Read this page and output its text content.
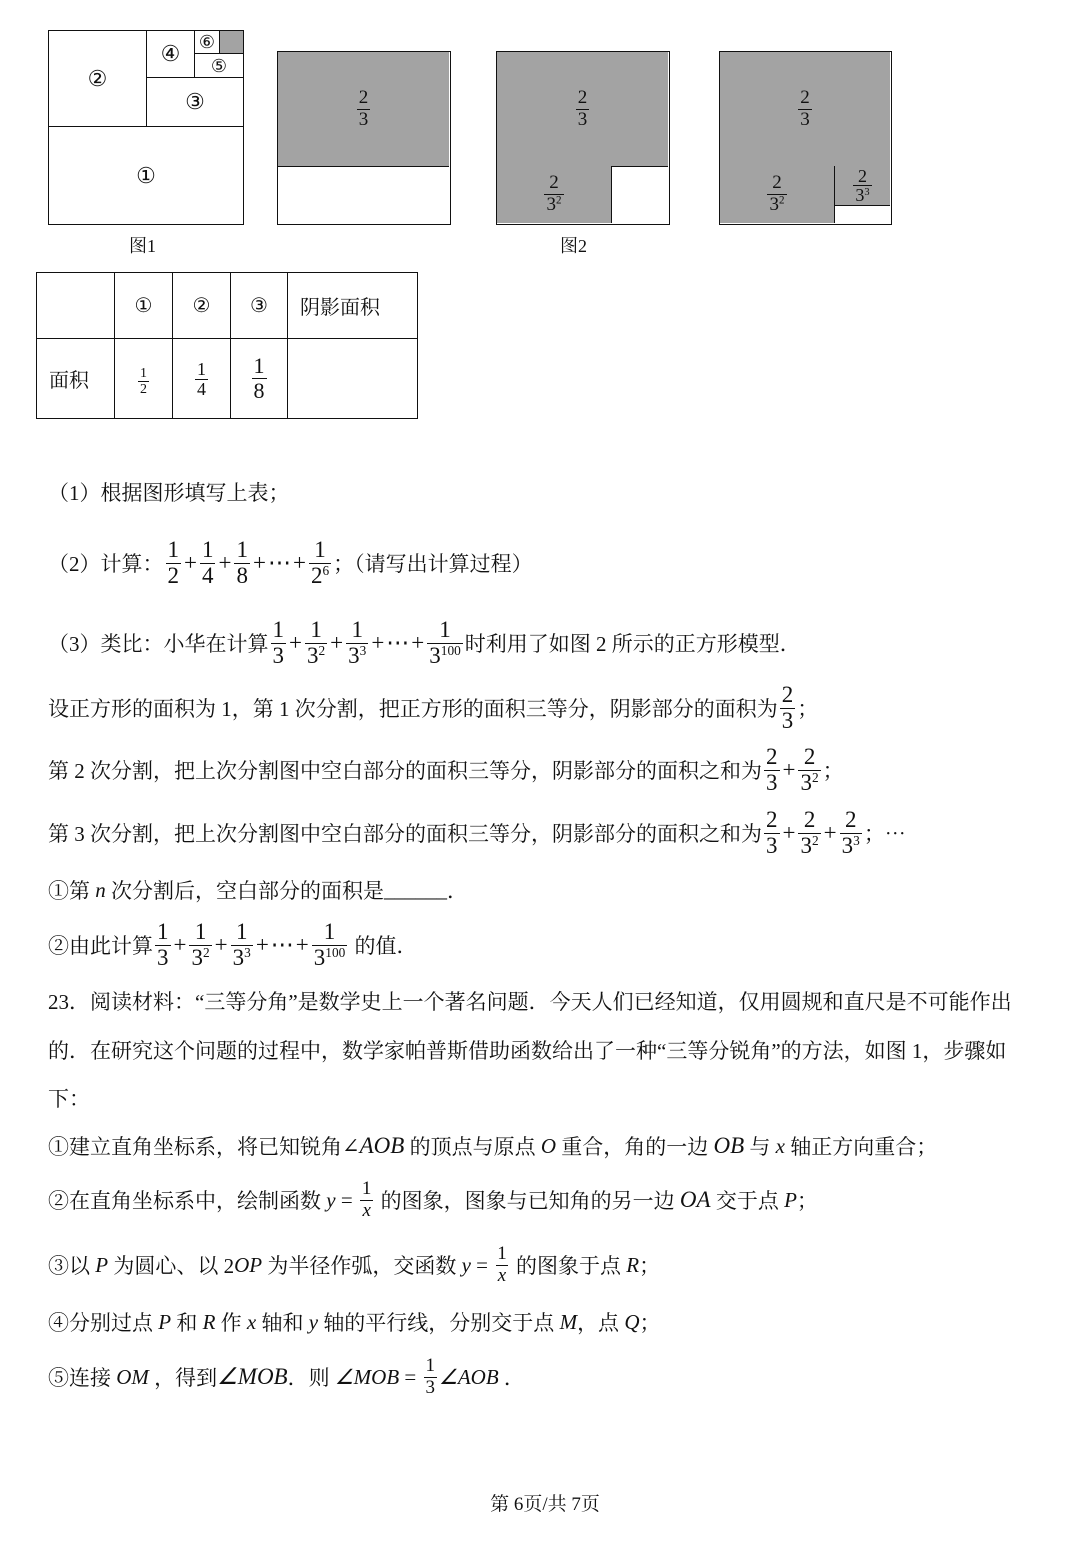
①
②
③
④ ⑤
⑥
图1
$\frac{2}{3}$	$\frac{2}{3}$
$\frac{2}{3^2}$
$\frac{2}{3}$
$\frac{2}{3^2}$	$\frac{2}{3^3}$
图2
	①	②	③	阴影面积
面积	$\frac{1}{2}$	$\frac{1}{4}$	$\frac{1}{8}$

（1）根据图形填写上表；
（2）计算： $\frac{1}{2} + \frac{1}{4} + \frac{1}{8}$ + ⋯ + $\frac{1}{2^6}$ ；（请写出计算过程）
（3）类比：小华在计算 $\frac{1}{3} + \frac{1}{3^2} + \frac{1}{3^3}$ + ⋯ + $\frac{1}{3^{100}}$ 时利用了如图 2 所示的正方形模型．
设正方形的面积为 1，第 1 次分割，把正方形的面积三等分，阴影部分的面积为 $\frac{2}{3}$ ；
第 2 次分割，把上次分割图中空白部分的面积三等分，阴影部分的面积之和为 $\frac{2}{3} + \frac{2}{3^2}$ ；
第 3 次分割，把上次分割图中空白部分的面积三等分，阴影部分的面积之和为 $\frac{2}{3} + \frac{2}{3^2} + \frac{2}{3^3}$ ；⋯
①第 n 次分割后，空白部分的面积是 ______ ．
②由此计算 $\frac{1}{3} + \frac{1}{3^2} + \frac{1}{3^3}$ + ⋯ + $\frac{1}{3^{100}}$ 的值．
23．阅读材料：“三等分角”是数学史上一个著名问题．今天人们已经知道，仅用圆规和直尺是不可能作出
的．在研究这个问题的过程中，数学家帕普斯借助函数给出了一种“三等分锐角”的方法，如图 1，步骤如
下：
①建立直角坐标系，将已知锐角 ∠ AOB 的顶点与原点 O 重合，角的一边 OB 与 x 轴正方向重合；
②在直角坐标系中，绘制函数 $y = \frac{1}{x}$ 的图象，图象与已知角的另一边 OA 交于点 P ；
③以 P 为圆心、以 2 OP 为半径作弧，交函数 $y = \frac{1}{x}$ 的图象于点 R ；
④分别过点 P 和 R 作 x 轴和 y 轴的平行线，分别交于点 M ，点 Q ；
⑤连接 OM ，得到 ∠MOB ．则 ∠MOB = $\frac{1}{3}$ ∠AOB ．
第 6页/共 7页
